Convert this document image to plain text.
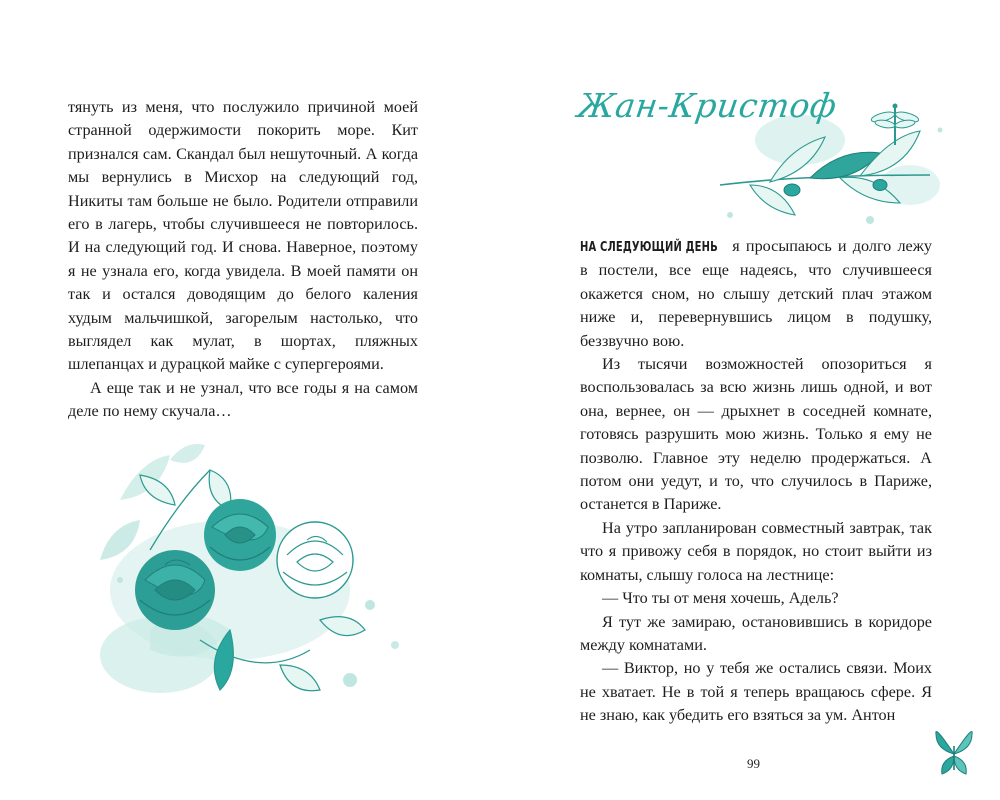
тянуть из меня, что послужило причиной моей странной одержимости покорить море. Кит признался сам. Скандал был нешуточный. А когда мы вернулись в Мисхор на следующий год, Никиты там больше не было. Родители отправили его в лагерь, чтобы случившееся не повторилось. И на следующий год. И снова. Наверное, поэтому я не узнала его, когда увидела. В моей памяти он так и остался доводящим до белого каления худым мальчишкой, загорелым настолько, что выглядел как мулат, в шортах, пляжных шлепанцах и дурацкой майке с супергероями.

А еще так и не узнал, что все годы я на самом деле по нему скучала…

Жан-Кристоф

НА СЛЕДУЮЩИЙ ДЕНЬ я просыпаюсь и долго лежу в постели, все еще надеясь, что случившееся окажется сном, но слышу детский плач этажом ниже и, перевернувшись лицом в подушку, беззвучно вою.

Из тысячи возможностей опозориться я воспользовалась за всю жизнь лишь одной, и вот она, вернее, он — дрыхнет в соседней комнате, готовясь разрушить мою жизнь. Только я ему не позволю. Главное эту неделю продержаться. А потом они уедут, и то, что случилось в Париже, останется в Париже.

На утро запланирован совместный завтрак, так что я привожу себя в порядок, но стоит выйти из комнаты, слышу голоса на лестнице:

— Что ты от меня хочешь, Адель?

Я тут же замираю, остановившись в коридоре между комнатами.

— Виктор, но у тебя же остались связи. Моих не хватает. Не в той я теперь вращаюсь сфере. Я не знаю, как убедить его взяться за ум. Антон

99
